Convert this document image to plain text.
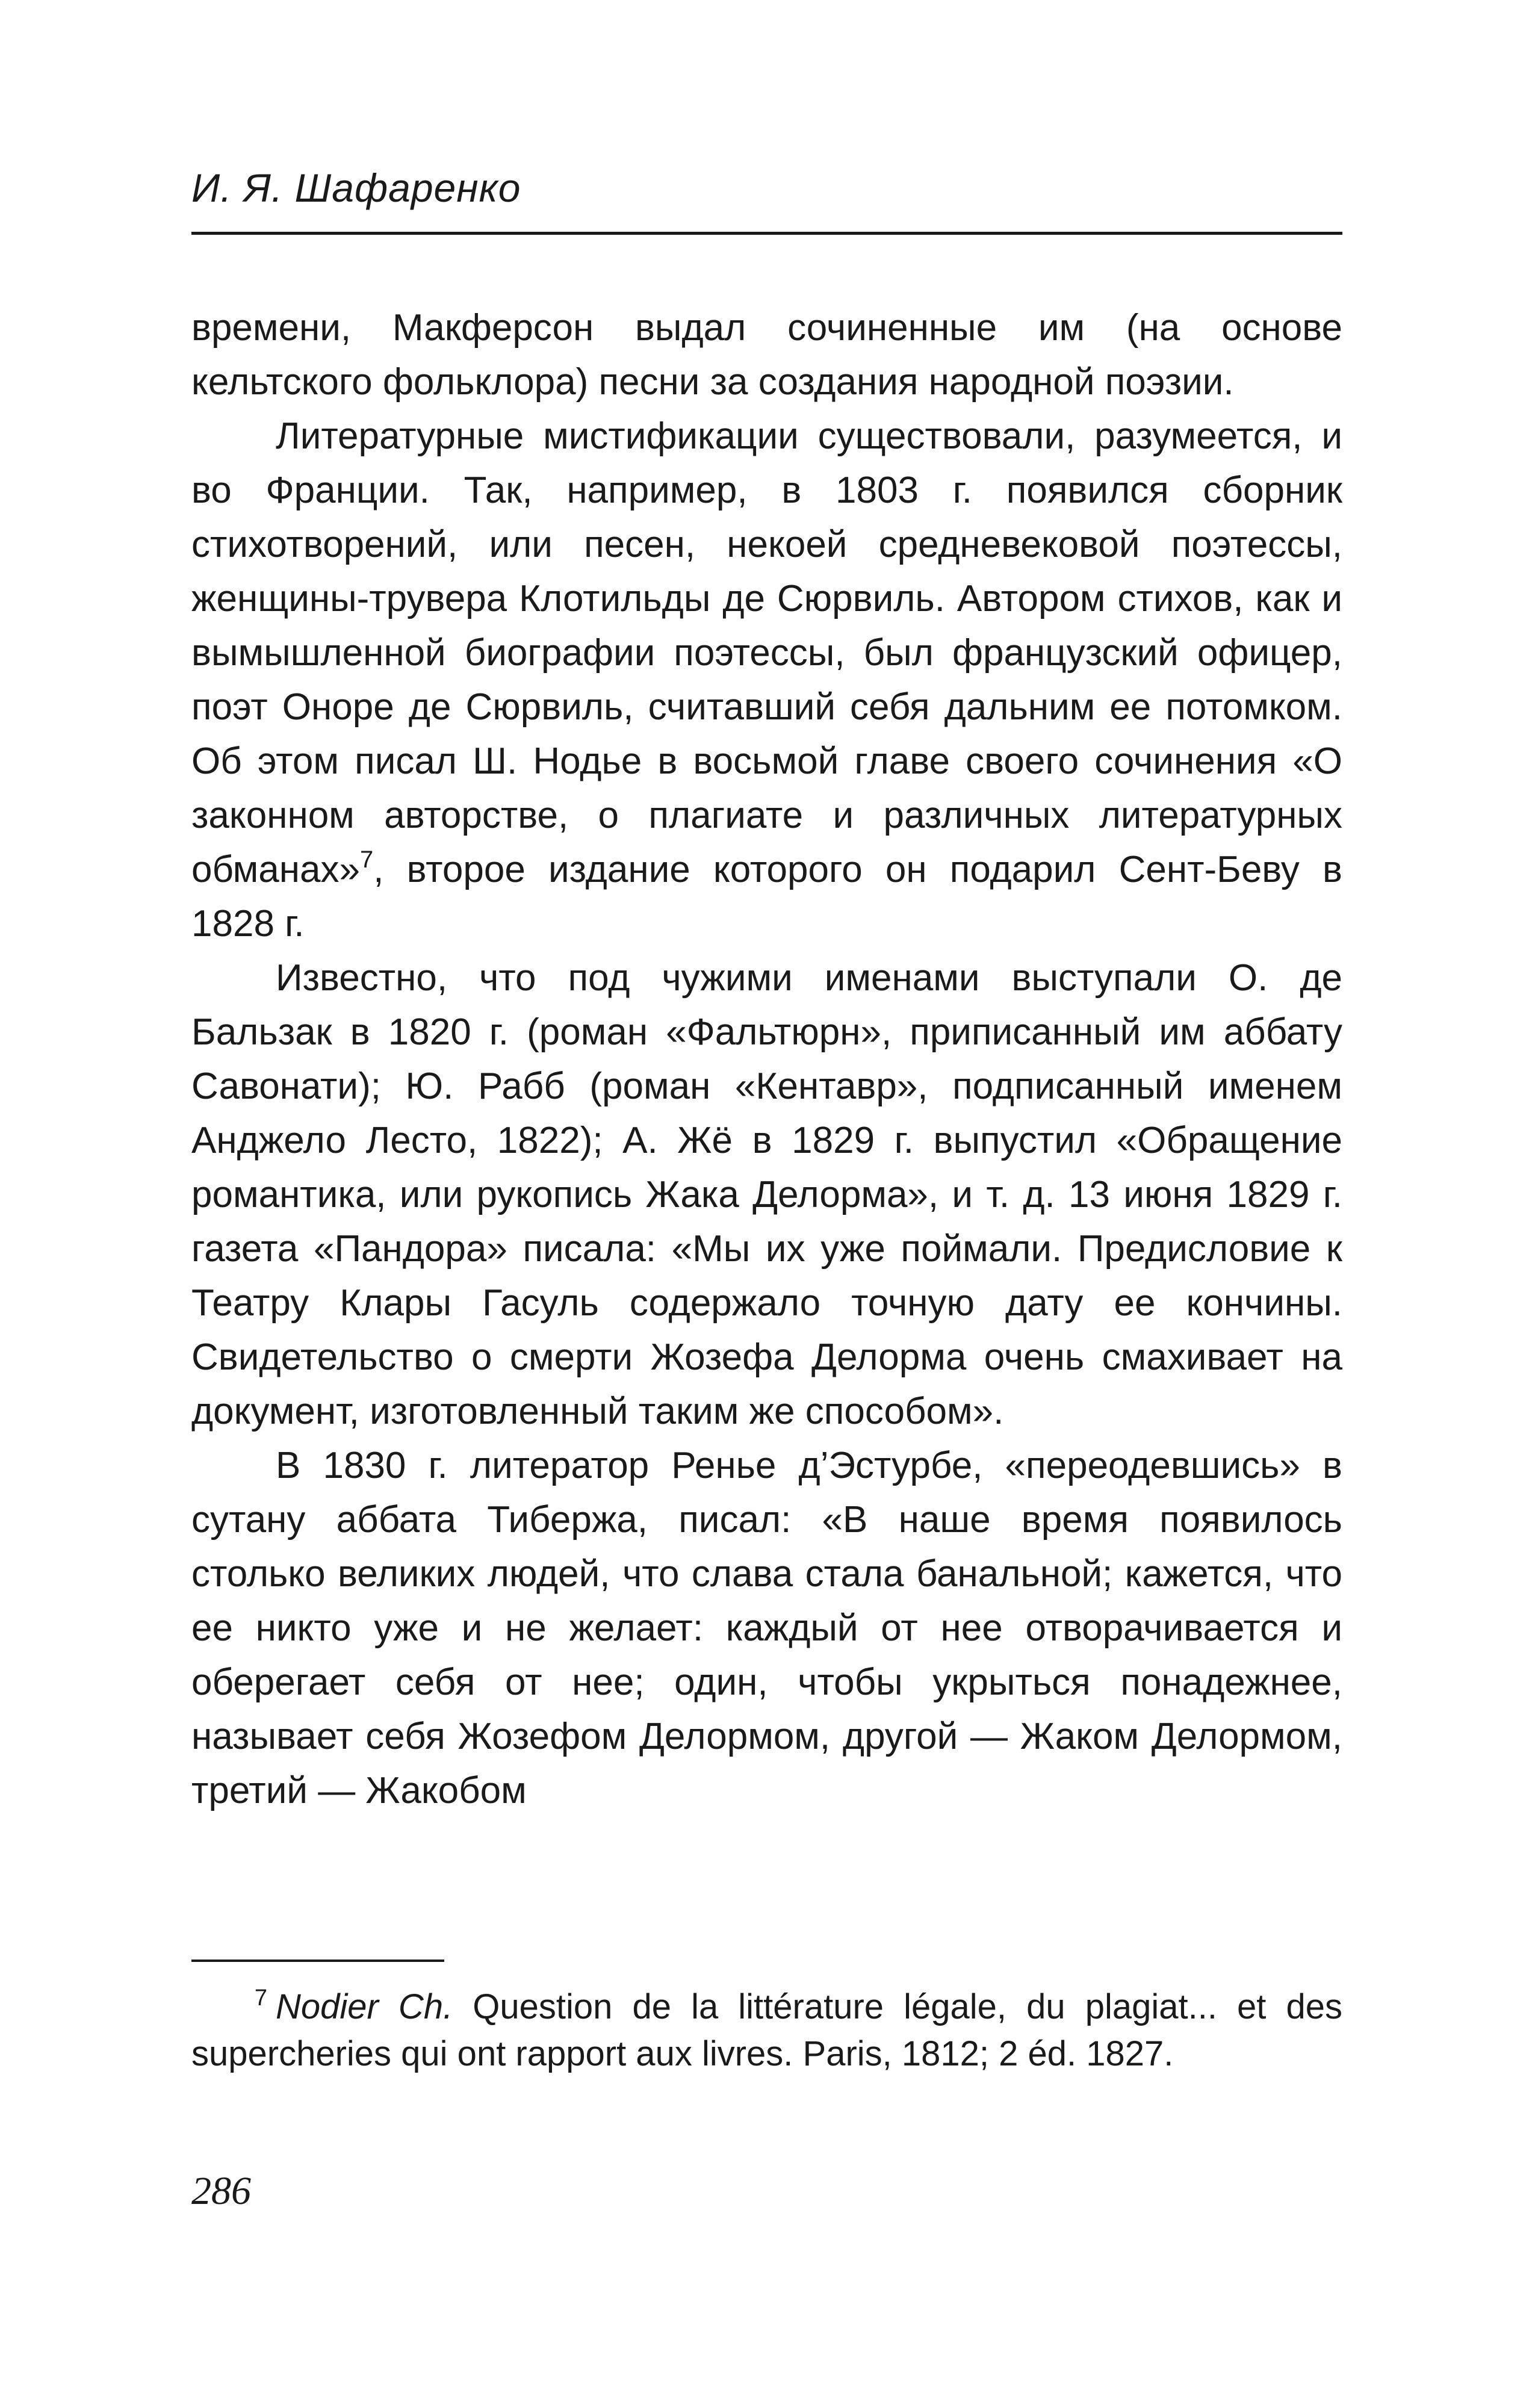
И. Я. Шафаренко

времени, Макферсон выдал сочиненные им (на основе кельтского фольклора) песни за создания народной поэзии.

Литературные мистификации существовали, разумеется, и во Франции. Так, например, в 1803 г. появился сборник стихотворений, или песен, некоей средневековой поэтессы, женщины-трувера Клотильды де Сюрвиль. Автором стихов, как и вымышленной биографии поэтессы, был французский офицер, поэт Оноре де Сюрвиль, считавший себя дальним ее потомком. Об этом писал Ш. Нодье в восьмой главе своего сочинения «О законном авторстве, о плагиате и различных литературных обманах»$^7$, второе издание которого он подарил Сент-Беву в 1828 г.

Известно, что под чужими именами выступали О. де Бальзак в 1820 г. (роман «Фальтюрн», приписанный им аббату Савонати); Ю. Рабб (роман «Кентавр», подписанный именем Анджело Лесто, 1822); А. Жё в 1829 г. выпустил «Обращение романтика, или рукопись Жака Делорма», и т. д. 13 июня 1829 г. газета «Пандора» писала: «Мы их уже поймали. Предисловие к Театру Клары Гасуль содержало точную дату ее кончины. Свидетельство о смерти Жозефа Делорма очень смахивает на документ, изготовленный таким же способом».

В 1830 г. литератор Ренье д’Эстурбе, «переодевшись» в сутану аббата Тибержа, писал: «В наше время появилось столько великих людей, что слава стала банальной; кажется, что ее никто уже и не желает: каждый от нее отворачивается и оберегает себя от нее; один, чтобы укрыться понадежнее, называет себя Жозефом Делормом, другой — Жаком Делормом, третий — Жакобом

$^7$ Nodier Ch. Question de la littérature légale, du plagiat... et des supercheries qui ont rapport aux livres. Paris, 1812; 2 éd. 1827.
286
